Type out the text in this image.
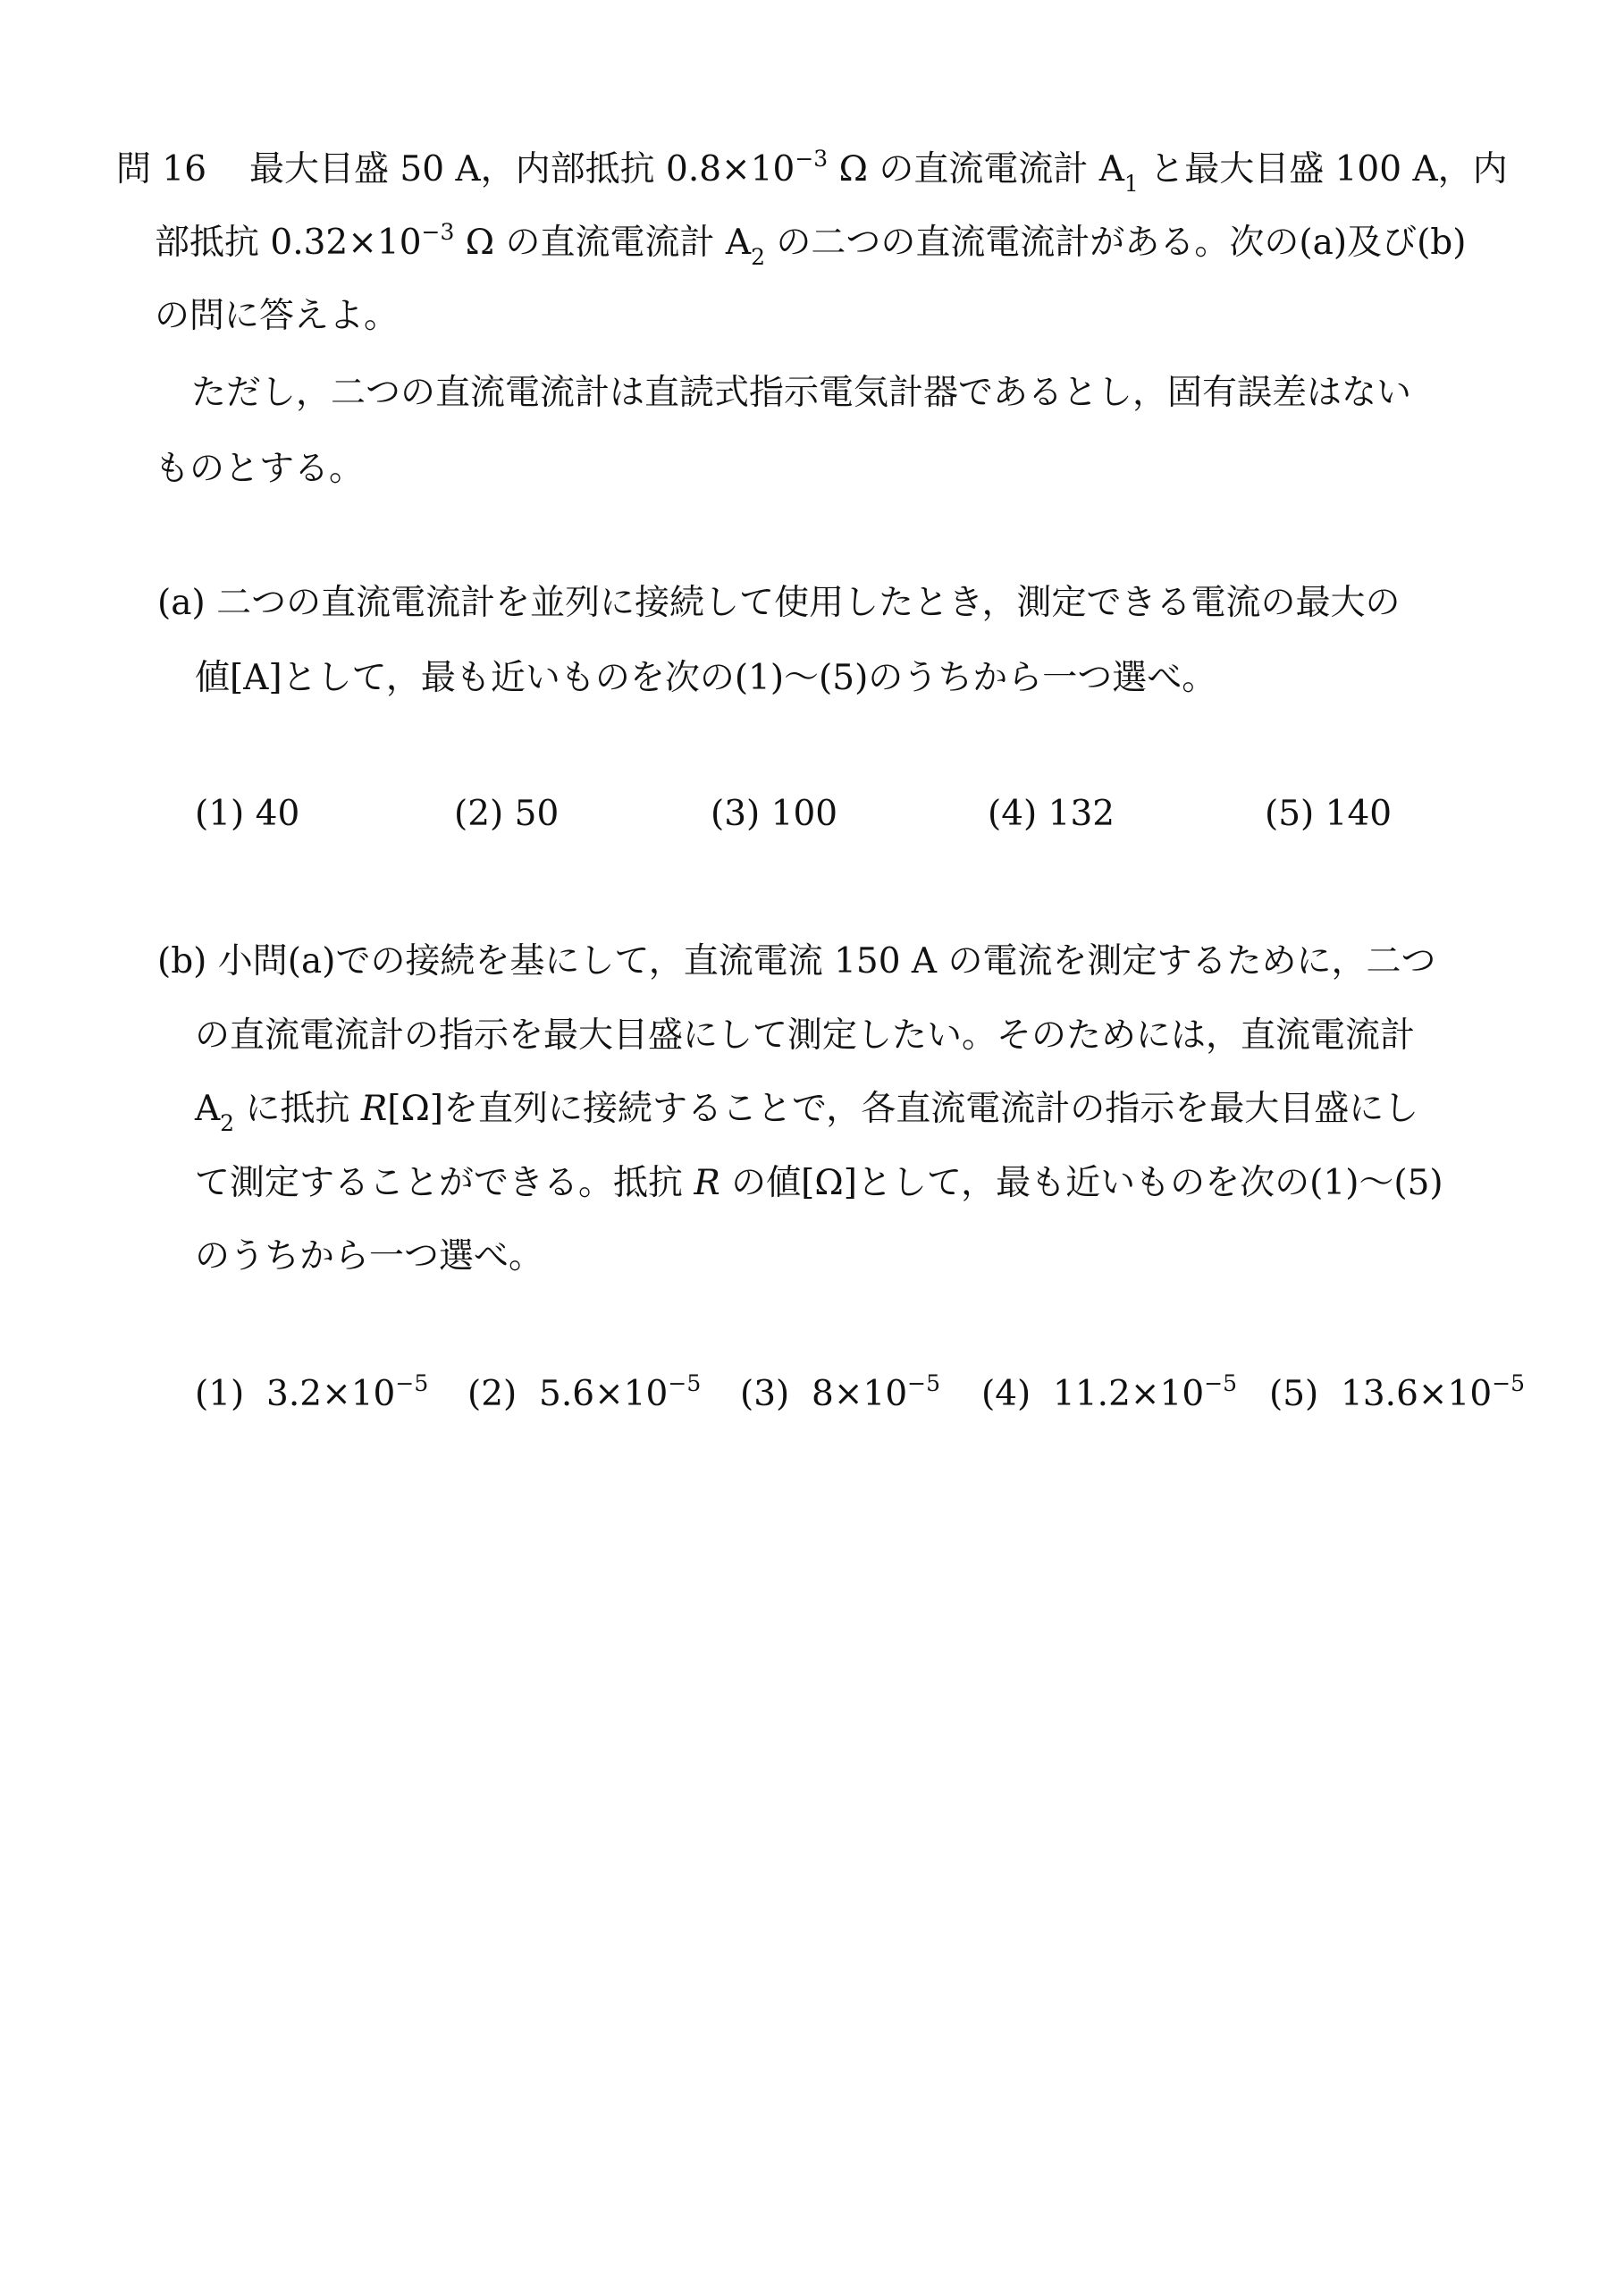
問 16 最大目盛 50 A，内部抵抗 $0.8\times 10^{-3}$ Ω の直流電流計 $A_1$ と最大目盛 100 A，内
部抵抗 $0.32\times 10^{-3}$ Ω の直流電流計 $A_2$ の二つの直流電流計がある。次の(a)及び(b)
の問に答えよ。
ただし，二つの直流電流計は直読式指示電気計器であるとし，固有誤差はない
ものとする。
(a) 二つの直流電流計を並列に接続して使用したとき，測定できる電流の最大の
値[A]として，最も近いものを次の(1)〜(5)のうちから一つ選べ。
(1) 40	(2) 50	(3) 100	(4) 132	(5) 140
(b) 小問(a)での接続を基にして，直流電流 150 A の電流を測定するために，二つ
の直流電流計の指示を最大目盛にして測定したい。そのためには，直流電流計
$A_2$ に抵抗 R[Ω]を直列に接続することで，各直流電流計の指示を最大目盛にし
て測定することができる。抵抗 R の値[Ω]として，最も近いものを次の(1)〜(5)
のうちから一つ選べ。
(1) $3.2\times 10^{-5}$ (2) $5.6\times 10^{-5}$ (3) $8\times 10^{-5}$ (4) $11.2\times 10^{-5}$ (5) $13.6\times 10^{-5}$
